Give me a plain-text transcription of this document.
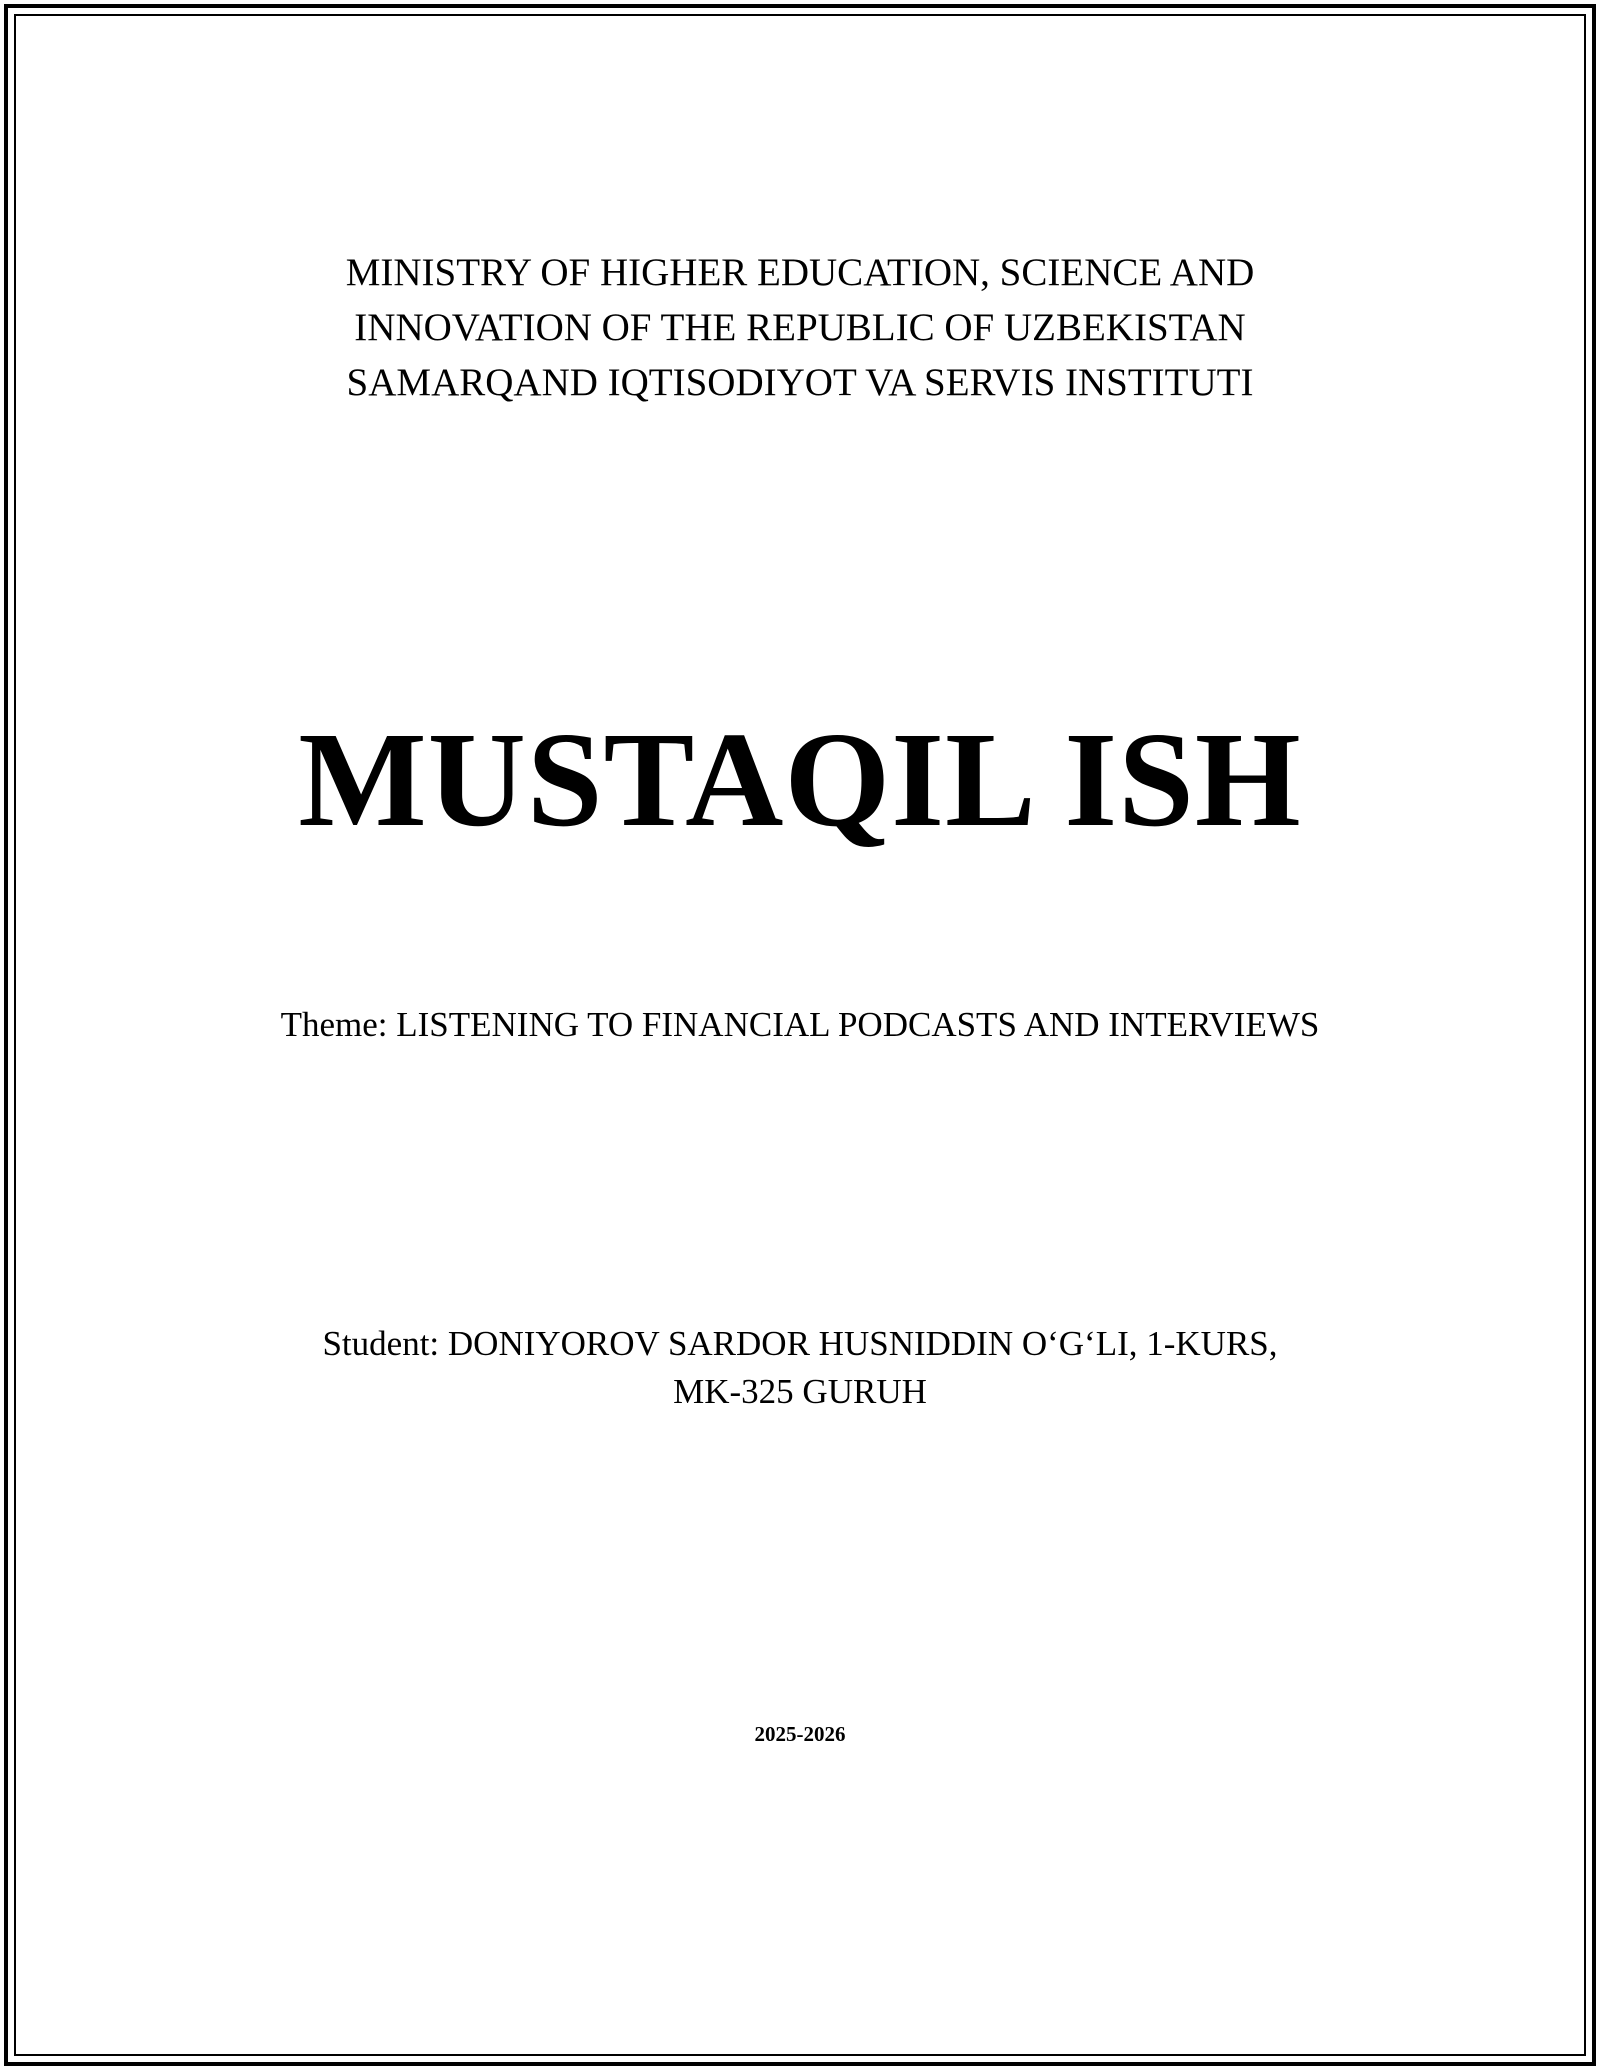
MINISTRY OF HIGHER EDUCATION, SCIENCE AND
INNOVATION OF THE REPUBLIC OF UZBEKISTAN
SAMARQAND IQTISODIYOT VA SERVIS INSTITUTI
MUSTAQIL ISH
Theme: LISTENING TO FINANCIAL PODCASTS AND INTERVIEWS
Student: DONIYOROV SARDOR HUSNIDDIN O‘G‘LI, 1-KURS,
MK-325 GURUH
2025-2026
